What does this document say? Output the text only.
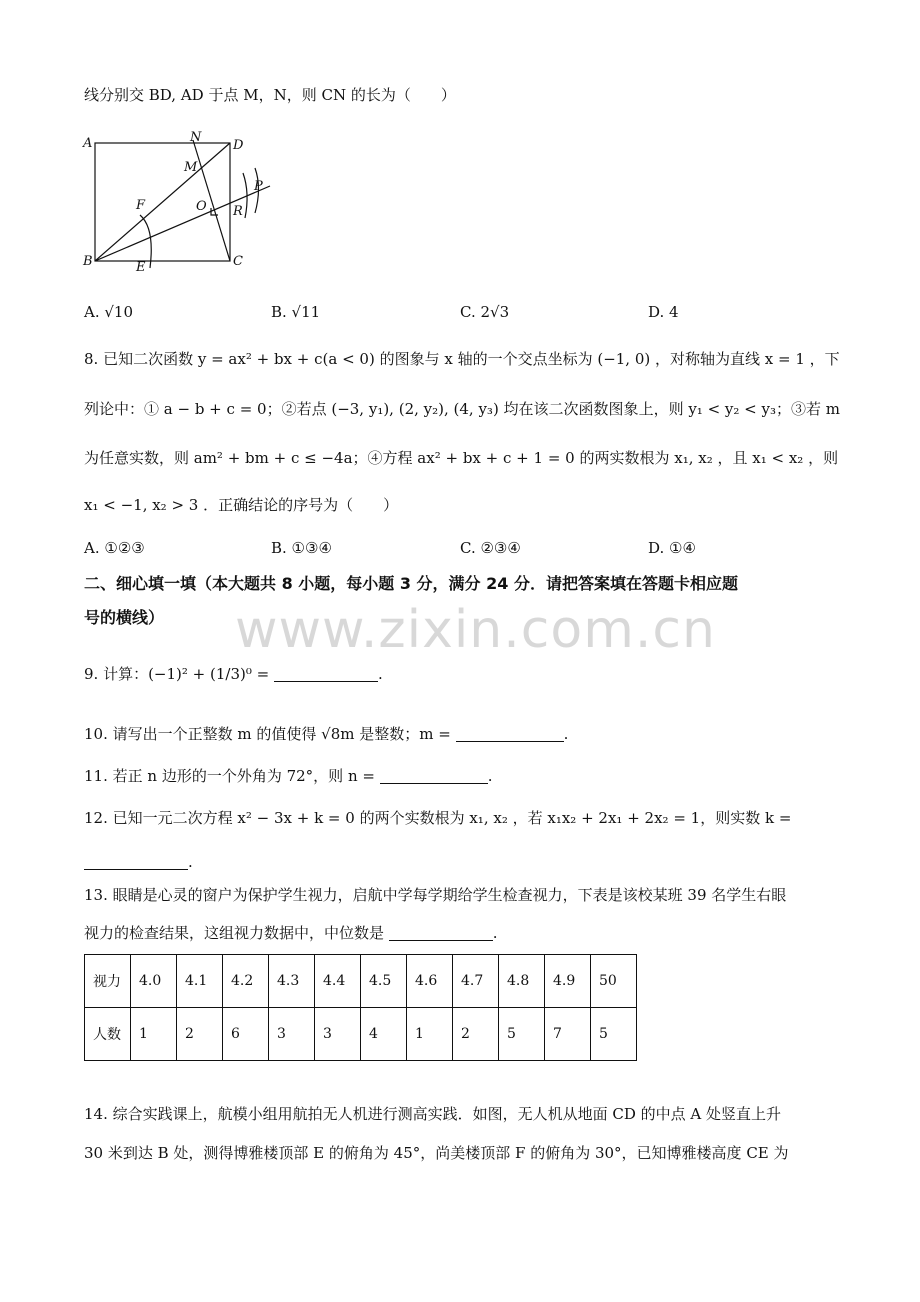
www.zixin.com.cn
线分别交 BD, AD 于点 M，N，则 CN 的长为（　　）
A	N
D
M
P
F	O R
B	E	C
A. √10	B. √11	C. 2√3	D. 4
8. 已知二次函数 y = ax² + bx + c(a < 0) 的图象与 x 轴的一个交点坐标为 (−1, 0) ，对称轴为直线 x = 1 ，下
列论中：① a − b + c = 0；②若点 (−3, y₁), (2, y₂), (4, y₃) 均在该二次函数图象上，则 y₁ < y₂ < y₃；③若 m
为任意实数，则 am² + bm + c ≤ −4a；④方程 ax² + bx + c + 1 = 0 的两实数根为 x₁, x₂ ，且 x₁ < x₂ ，则
x₁ < −1, x₂ > 3 ．正确结论的序号为（　　）
A. ①②③	B. ①③④	C. ②③④	D. ①④
二、细心填一填（本大题共 8 小题，每小题 3 分，满分 24 分．请把答案填在答题卡相应题
号的横线）
9. 计算：(−1)² + (1/3)⁰ =	.
10. 请写出一个正整数 m 的值使得 √8m 是整数；m =	.
11. 若正 n 边形的一个外角为 72°，则 n =	.
12. 已知一元二次方程 x² − 3x + k = 0 的两个实数根为 x₁, x₂ ，若 x₁x₂ + 2x₁ + 2x₂ = 1，则实数 k =
.
13. 眼睛是心灵的窗户为保护学生视力，启航中学每学期给学生检查视力，下表是该校某班 39 名学生右眼
视力的检查结果，这组视力数据中，中位数是	.
视力	4.0	4.1	4.2	4.3	4.4	4.5	4.6	4.7	4.8	4.9	50
人数	1	2	6	3	3	4	1	2	5	7	5
14. 综合实践课上，航模小组用航拍无人机进行测高实践．如图，无人机从地面 CD 的中点 A 处竖直上升
30 米到达 B 处，测得博雅楼顶部 E 的俯角为 45°，尚美楼顶部 F 的俯角为 30°，已知博雅楼高度 CE 为
